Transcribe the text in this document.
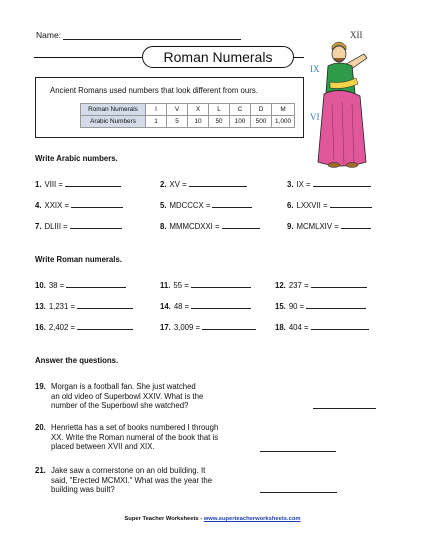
Name:
Roman Numerals
Ancient Romans used numbers that look different from ours.
Roman Numerals	I	V	X	L	C	D	M
Arabic Numbers	1	5	10	50	100	500	1,000
XII
IX
VI
Write Arabic numbers.
1. VIII =	2. XV =	3. IX =
4. XXIX =	5. MDCCCX =	6. LXXVII =
7. DLIII =	8. MMMCDXXI =	9. MCMLXIV =
Write Roman numerals.
10. 38 =	11. 55 =	12. 237 =
13. 1,231 =	14. 48 =	15. 90 =
16. 2,402 =	17. 3,009 =	18. 404 =
Answer the questions.
19. Morgan is a football fan. She just watched
an old video of Superbowl XXIV. What is the
number of the Superbowl she watched?
20. Henrietta has a set of books numbered I through
XX. Write the Roman numeral of the book that is
placed between XVII and XIX.
21. Jake saw a cornerstone on an old building. It
said, "Erected MCMXI." What was the year the
building was built?
Super Teacher Worksheets - www.superteacherworksheets.com
